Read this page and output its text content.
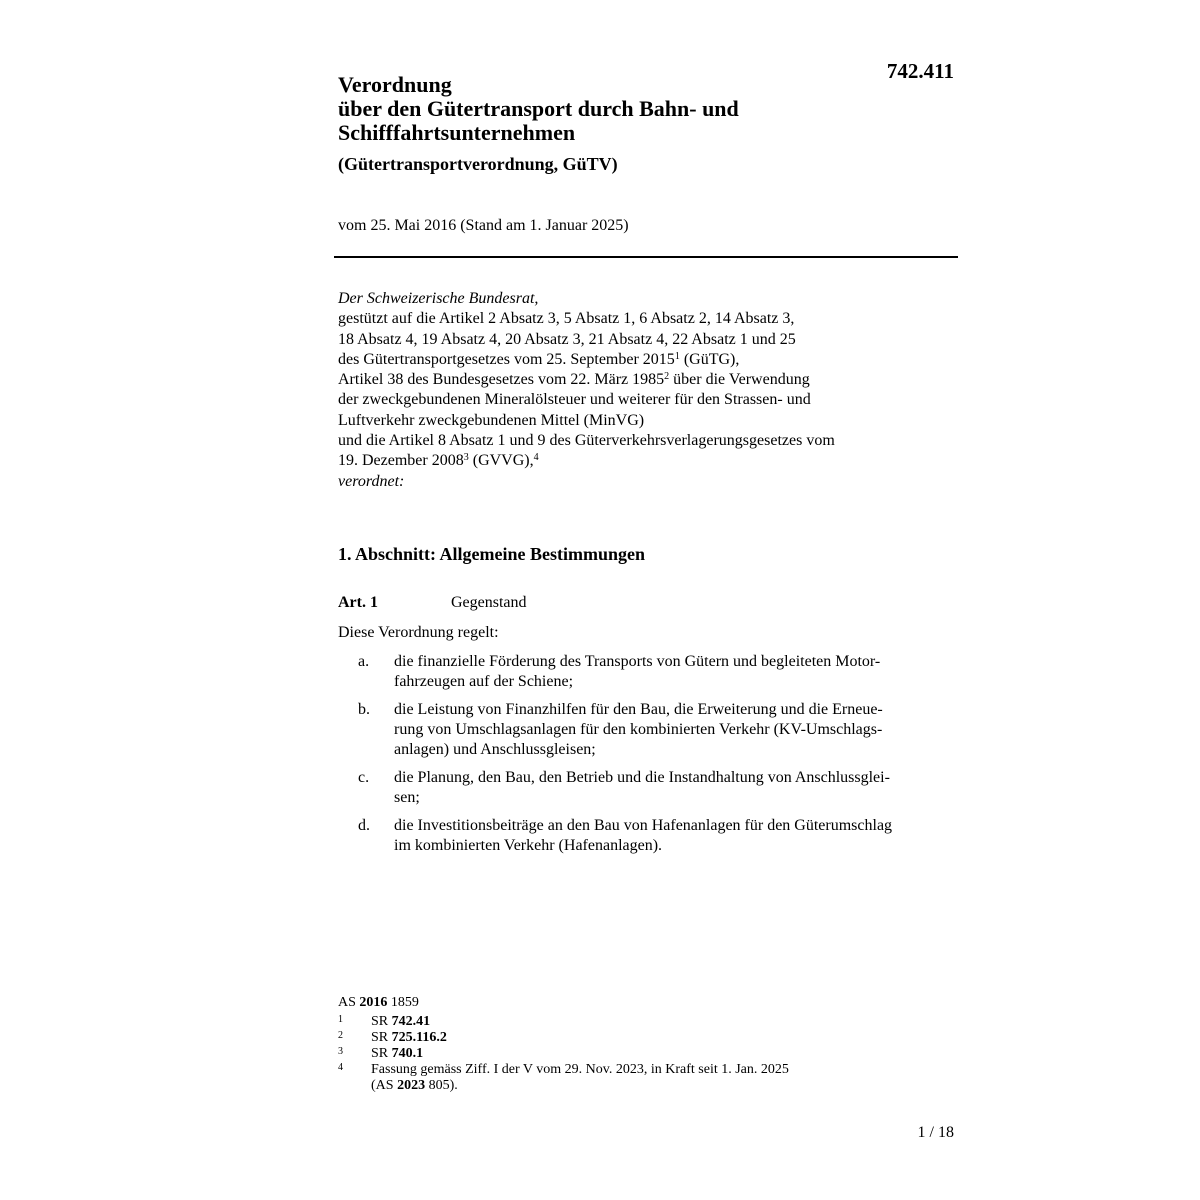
742.411

Verordnung
über den Gütertransport durch Bahn- und
Schifffahrtsunternehmen

(Gütertransportverordnung, GüTV)

vom 25. Mai 2016 (Stand am 1. Januar 2025)

Der Schweizerische Bundesrat,
gestützt auf die Artikel 2 Absatz 3, 5 Absatz 1, 6 Absatz 2, 14 Absatz 3,
18 Absatz 4, 19 Absatz 4, 20 Absatz 3, 21 Absatz 4, 22 Absatz 1 und 25
des Gütertransportgesetzes vom 25. September 2015$^1$ (GüTG),
Artikel 38 des Bundesgesetzes vom 22. März 1985$^2$ über die Verwendung
der zweckgebundenen Mineralölsteuer und weiterer für den Strassen- und
Luftverkehr zweckgebundenen Mittel (MinVG)
und die Artikel 8 Absatz 1 und 9 des Güterverkehrsverlagerungsgesetzes vom
19. Dezember 2008$^3$ (GVVG),$^4$
verordnet:
1. Abschnitt: Allgemeine Bestimmungen

Art. 1	Gegenstand

Diese Verordnung regelt:

a.	die finanzielle Förderung des Transports von Gütern und begleiteten Motor-
fahrzeugen auf der Schiene;
b.	die Leistung von Finanzhilfen für den Bau, die Erweiterung und die Erneue-
rung von Umschlagsanlagen für den kombinierten Verkehr (KV-Umschlags-
anlagen) und Anschlussgleisen;
c.	die Planung, den Bau, den Betrieb und die Instandhaltung von Anschlussglei-
sen;
d.	die Investitionsbeiträge an den Bau von Hafenanlagen für den Güterumschlag
im kombinierten Verkehr (Hafenanlagen).
AS 2016 1859
1	SR 742.41
2	SR 725.116.2
3	SR 740.1
4	Fassung gemäss Ziff. I der V vom 29. Nov. 2023, in Kraft seit 1. Jan. 2025
(AS 2023 805).

1 / 18
